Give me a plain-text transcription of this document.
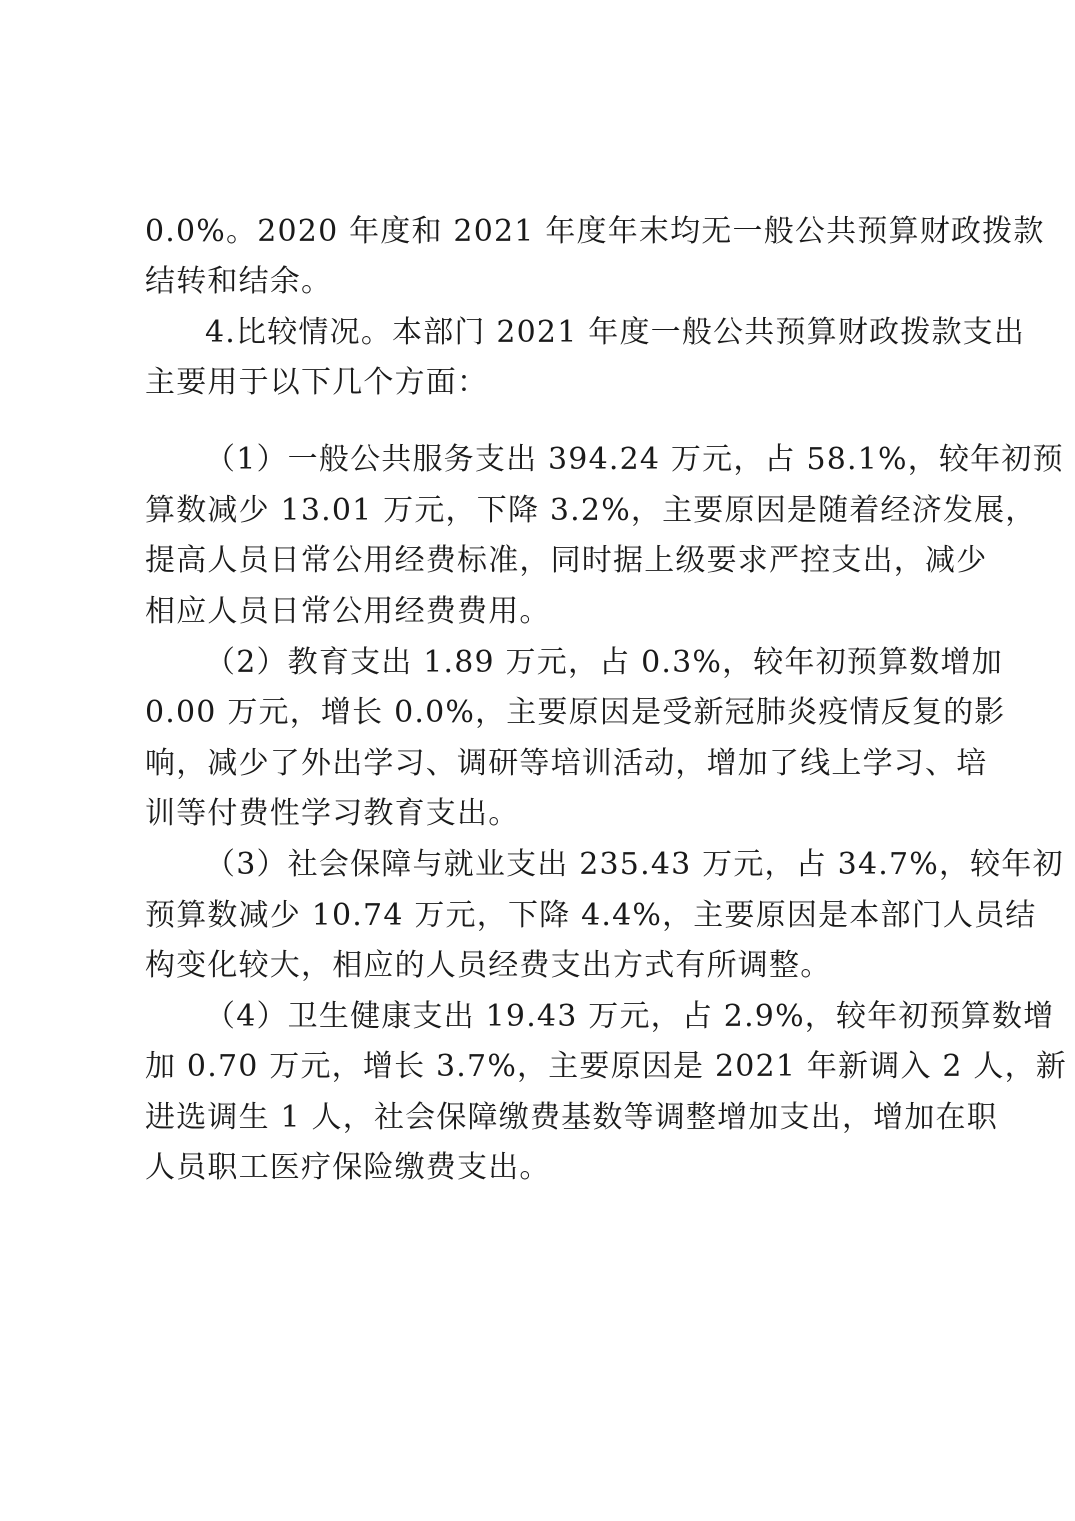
0.0%。2020 年度和 2021 年度年末均无一般公共预算财政拨款
结转和结余。
4.比较情况。本部门 2021 年度一般公共预算财政拨款支出
主要用于以下几个方面：
（1）一般公共服务支出 394.24 万元，占 58.1%，较年初预
算数减少 13.01 万元，下降 3.2%，主要原因是随着经济发展，
提高人员日常公用经费标准，同时据上级要求严控支出，减少
相应人员日常公用经费费用。
（2）教育支出 1.89 万元，占 0.3%，较年初预算数增加
0.00 万元，增长 0.0%，主要原因是受新冠肺炎疫情反复的影
响，减少了外出学习、调研等培训活动，增加了线上学习、培
训等付费性学习教育支出。
（3）社会保障与就业支出 235.43 万元，占 34.7%，较年初
预算数减少 10.74 万元，下降 4.4%，主要原因是本部门人员结
构变化较大，相应的人员经费支出方式有所调整。
（4）卫生健康支出 19.43 万元，占 2.9%，较年初预算数增
加 0.70 万元，增长 3.7%，主要原因是 2021 年新调入 2 人，新
进选调生 1 人，社会保障缴费基数等调整增加支出，增加在职
人员职工医疗保险缴费支出。
